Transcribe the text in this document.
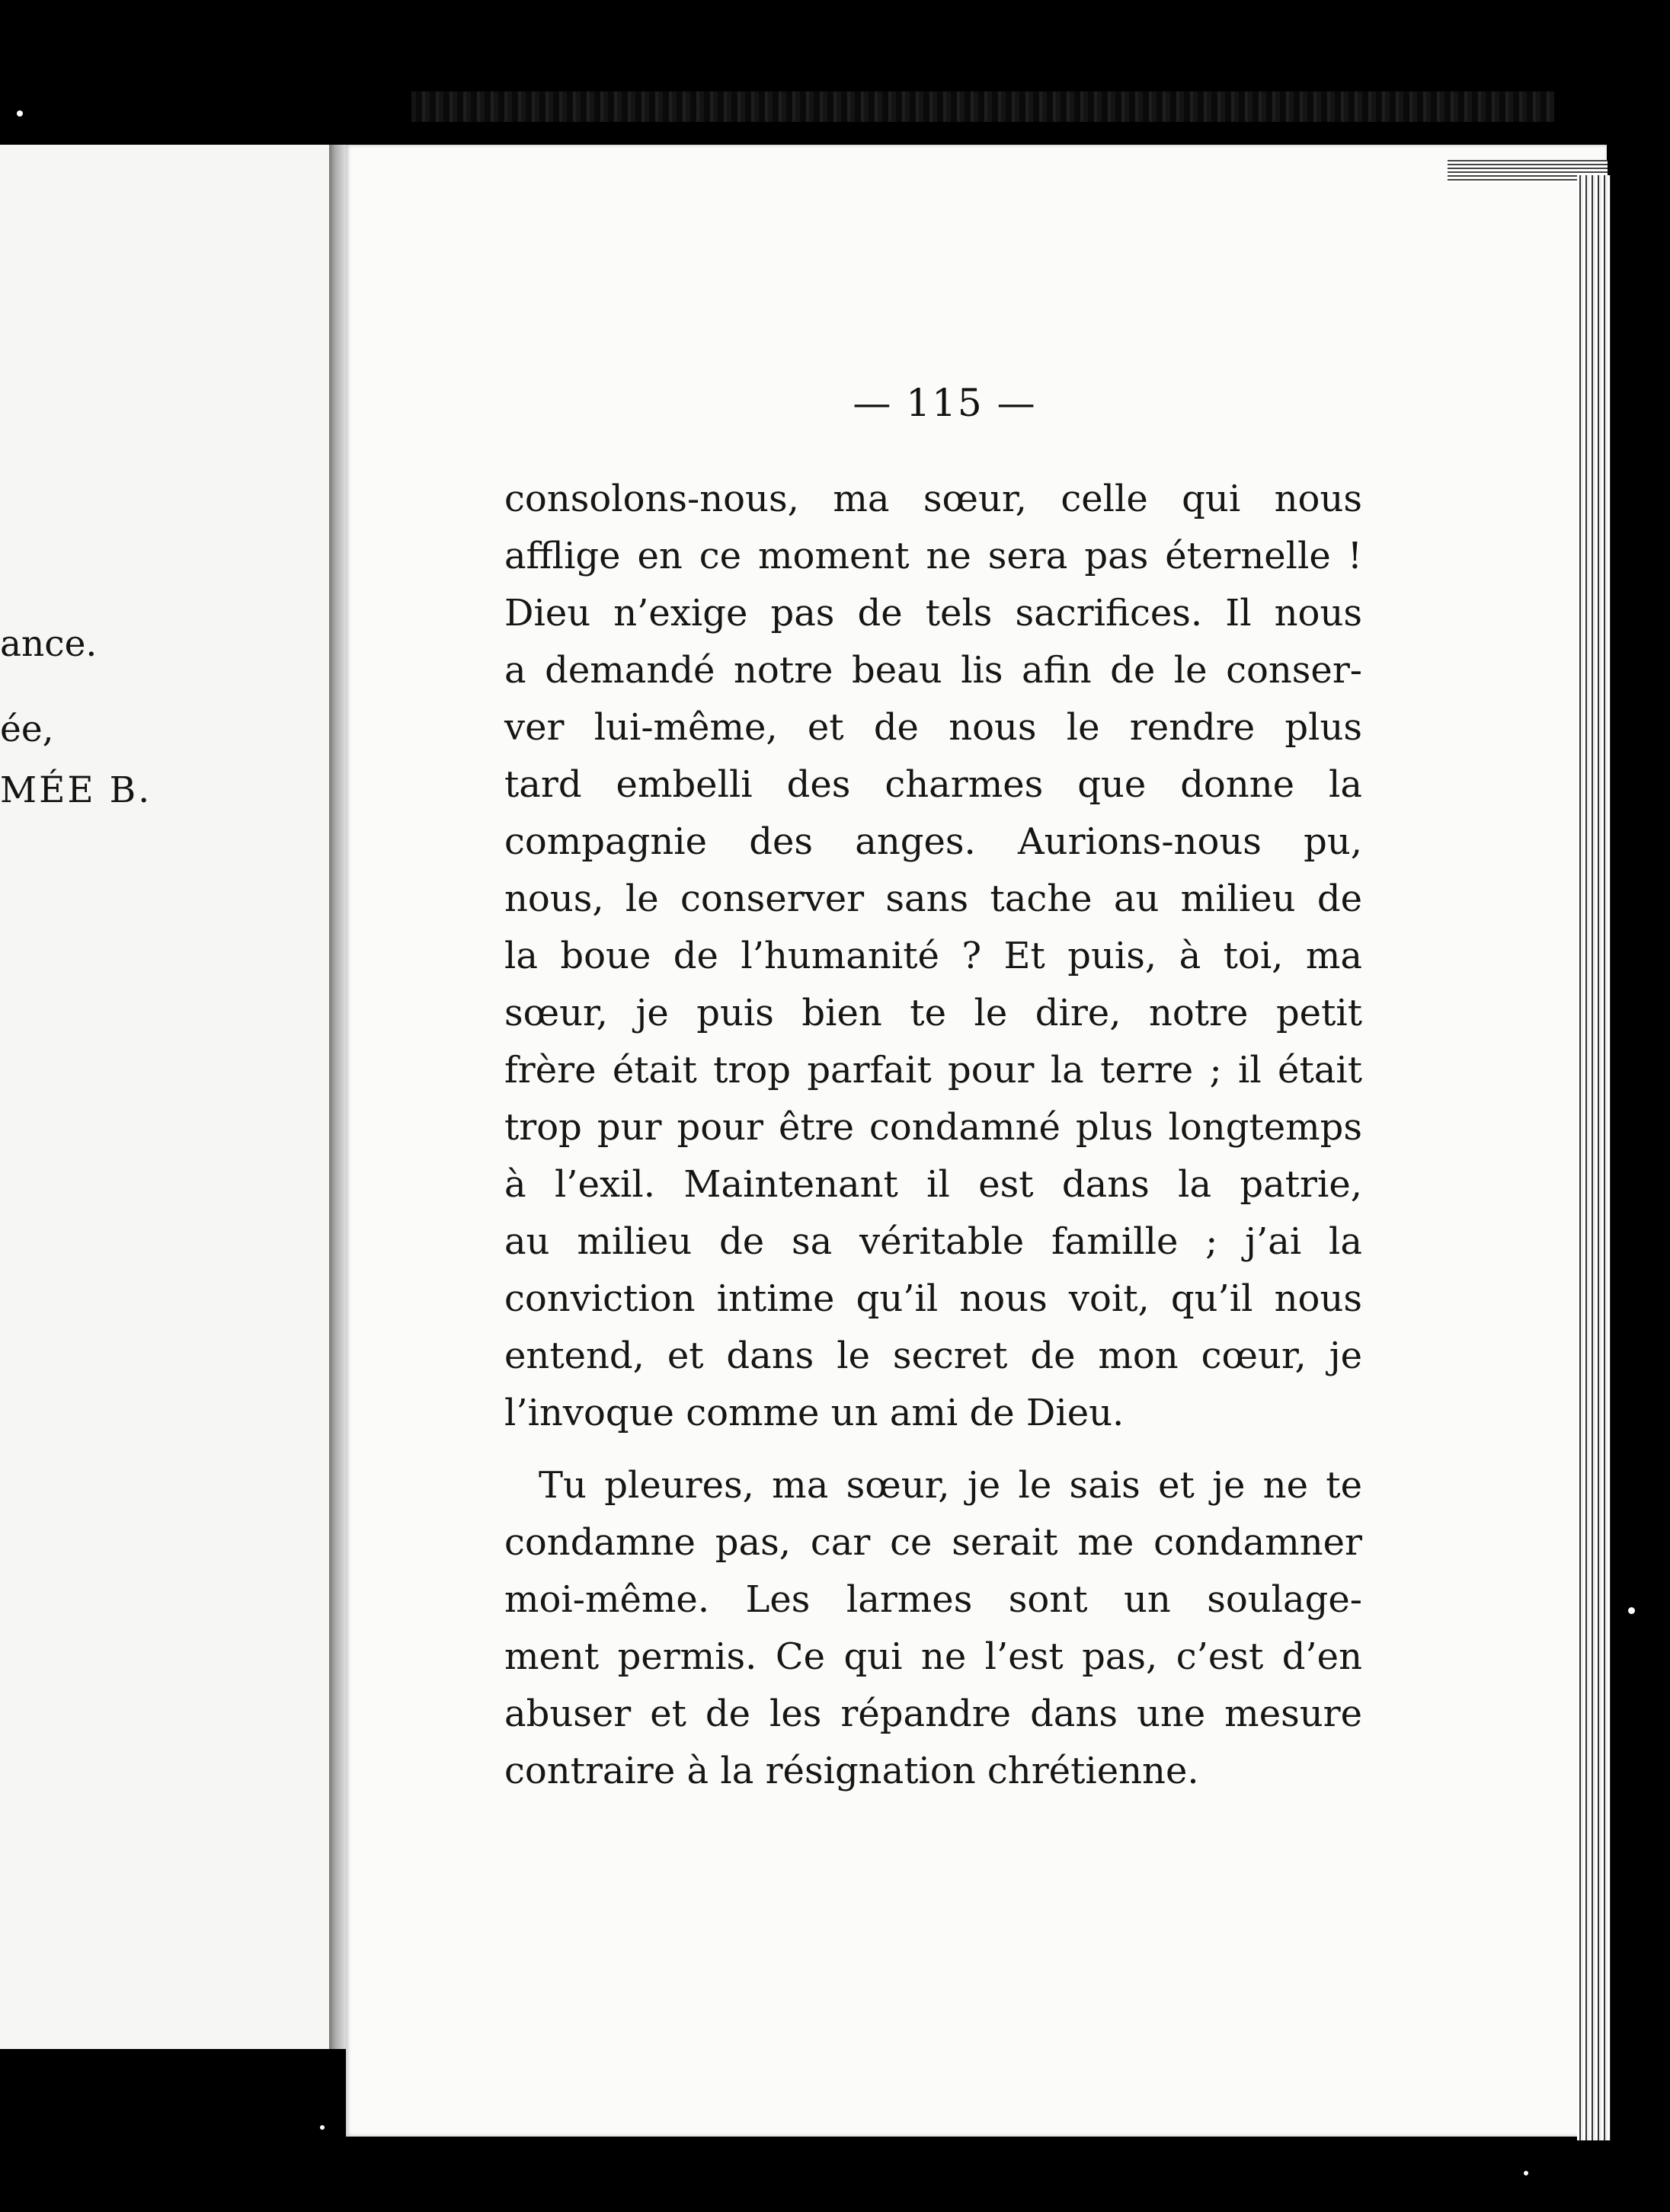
ance.
ée,
MÉE B.
— 115 —
consolons-nous, ma sœur, celle qui nous
afflige en ce moment ne sera pas éternelle !
Dieu n’exige pas de tels sacrifices. Il nous
a demandé notre beau lis afin de le conser-
ver lui-même, et de nous le rendre plus
tard embelli des charmes que donne la
compagnie des anges. Aurions-nous pu,
nous, le conserver sans tache au milieu de
la boue de l’humanité ? Et puis, à toi, ma
sœur, je puis bien te le dire, notre petit
frère était trop parfait pour la terre ; il était
trop pur pour être condamné plus longtemps
à l’exil. Maintenant il est dans la patrie,
au milieu de sa véritable famille ; j’ai la
conviction intime qu’il nous voit, qu’il nous
entend, et dans le secret de mon cœur, je
l’invoque comme un ami de Dieu.
Tu pleures, ma sœur, je le sais et je ne te
condamne pas, car ce serait me condamner
moi-même. Les larmes sont un soulage-
ment permis. Ce qui ne l’est pas, c’est d’en
abuser et de les répandre dans une mesure
contraire à la résignation chrétienne.
